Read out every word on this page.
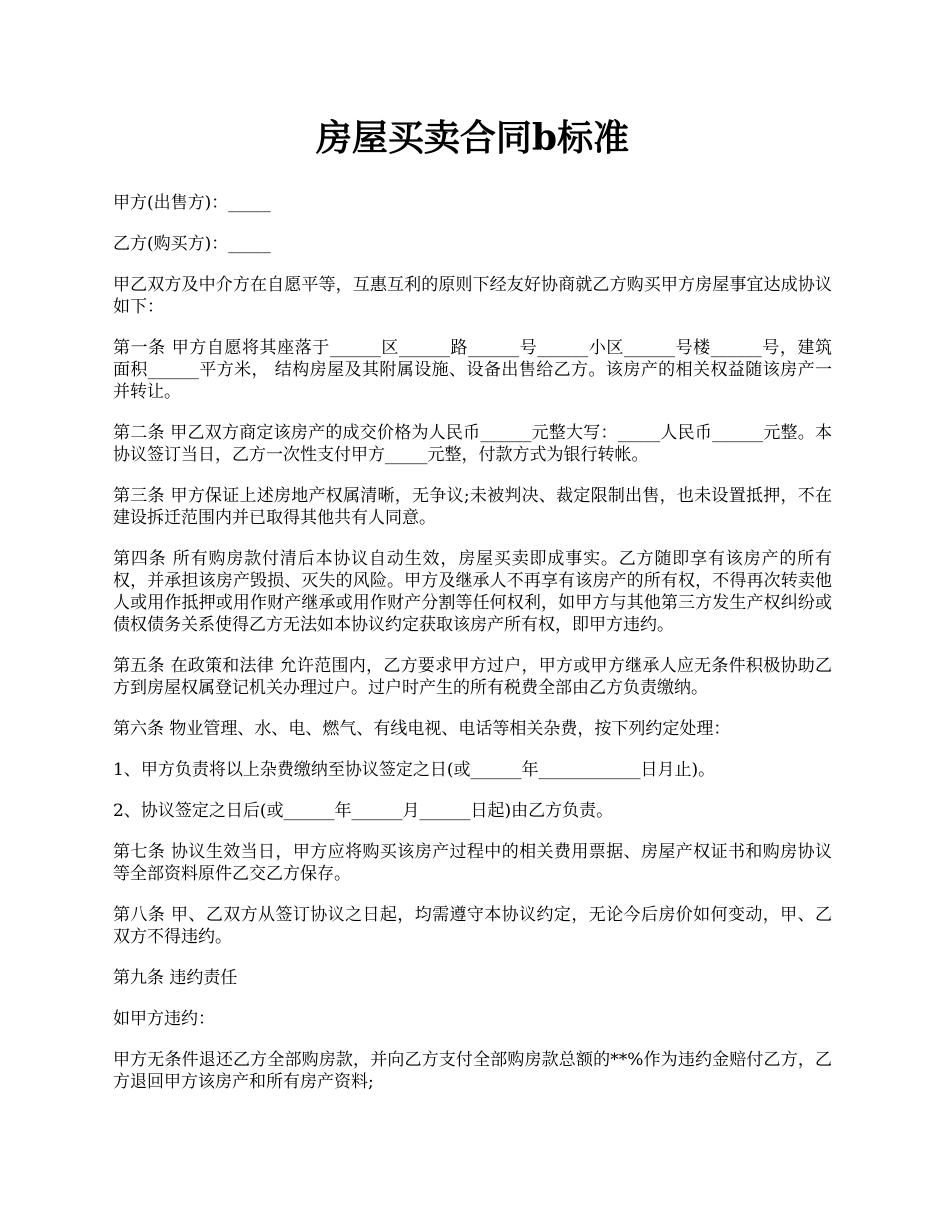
房屋买卖合同b标准

甲方(出售方)：_____

乙方(购买方)：_____

甲乙双方及中介方在自愿平等，互惠互利的原则下经友好协商就乙方购买甲方房屋事宜达成协议如下：

第一条 甲方自愿将其座落于______区______路______号______小区______号楼______号，建筑面积______平方米， 结构房屋及其附属设施、设备出售给乙方。该房产的相关权益随该房产一并转让。

第二条 甲乙双方商定该房产的成交价格为人民币______元整大写：_____人民币______元整。本协议签订当日，乙方一次性支付甲方_____元整，付款方式为银行转帐。

第三条 甲方保证上述房地产权属清晰，无争议;未被判决、裁定限制出售，也未设置抵押，不在建设拆迁范围内并已取得其他共有人同意。

第四条 所有购房款付清后本协议自动生效，房屋买卖即成事实。乙方随即享有该房产的所有权，并承担该房产毁损、灭失的风险。甲方及继承人不再享有该房产的所有权，不得再次转卖他人或用作抵押或用作财产继承或用作财产分割等任何权利，如甲方与其他第三方发生产权纠纷或债权债务关系使得乙方无法如本协议约定获取该房产所有权，即甲方违约。

第五条 在政策和法律 允许范围内，乙方要求甲方过户，甲方或甲方继承人应无条件积极协助乙方到房屋权属登记机关办理过户。过户时产生的所有税费全部由乙方负责缴纳。

第六条 物业管理、水、电、燃气、有线电视、电话等相关杂费，按下列约定处理：

1、甲方负责将以上杂费缴纳至协议签定之日(或______年____________日月止)。

2、协议签定之日后(或______年______月______日起)由乙方负责。

第七条 协议生效当日，甲方应将购买该房产过程中的相关费用票据、房屋产权证书和购房协议等全部资料原件乙交乙方保存。

第八条 甲、乙双方从签订协议之日起，均需遵守本协议约定，无论今后房价如何变动，甲、乙双方不得违约。

第九条 违约责任

如甲方违约：

甲方无条件退还乙方全部购房款，并向乙方支付全部购房款总额的**%作为违约金赔付乙方，乙方退回甲方该房产和所有房产资料;
